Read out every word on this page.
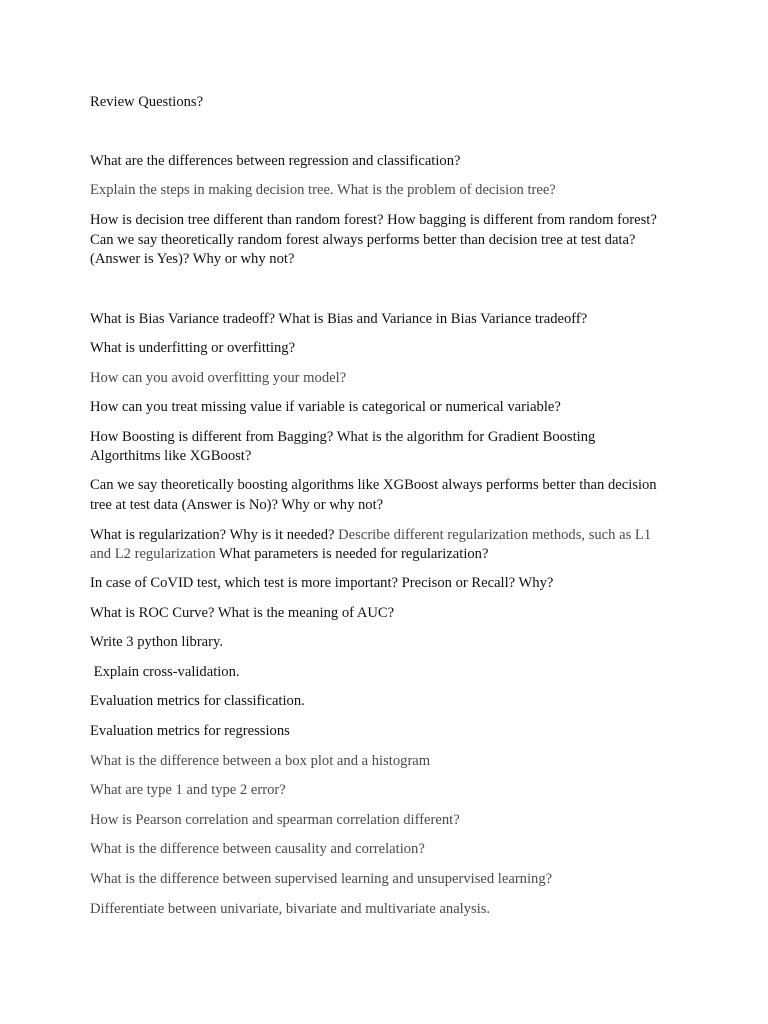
Review Questions?

What are the differences between regression and classification?

Explain the steps in making decision tree. What is the problem of decision tree?

How is decision tree different than random forest? How bagging is different from random forest?

Can we say theoretically random forest always performs better than decision tree at test data?

(Answer is Yes)? Why or why not?

What is Bias Variance tradeoff? What is Bias and Variance in Bias Variance tradeoff?

What is underfitting or overfitting?

How can you avoid overfitting your model?

How can you treat missing value if variable is categorical or numerical variable?

How Boosting is different from Bagging? What is the algorithm for Gradient Boosting

Algorthitms like XGBoost?

Can we say theoretically boosting algorithms like XGBoost always performs better than decision

tree at test data (Answer is No)? Why or why not?

What is regularization? Why is it needed? Describe different regularization methods, such as L1

and L2 regularization What parameters is needed for regularization?

In case of CoVID test, which test is more important? Precison or Recall? Why?

What is ROC Curve? What is the meaning of AUC?

Write 3 python library.

Explain cross-validation.

Evaluation metrics for classification.

Evaluation metrics for regressions

What is the difference between a box plot and a histogram

What are type 1 and type 2 error?

How is Pearson correlation and spearman correlation different?

What is the difference between causality and correlation?

What is the difference between supervised learning and unsupervised learning?

Differentiate between univariate, bivariate and multivariate analysis.
